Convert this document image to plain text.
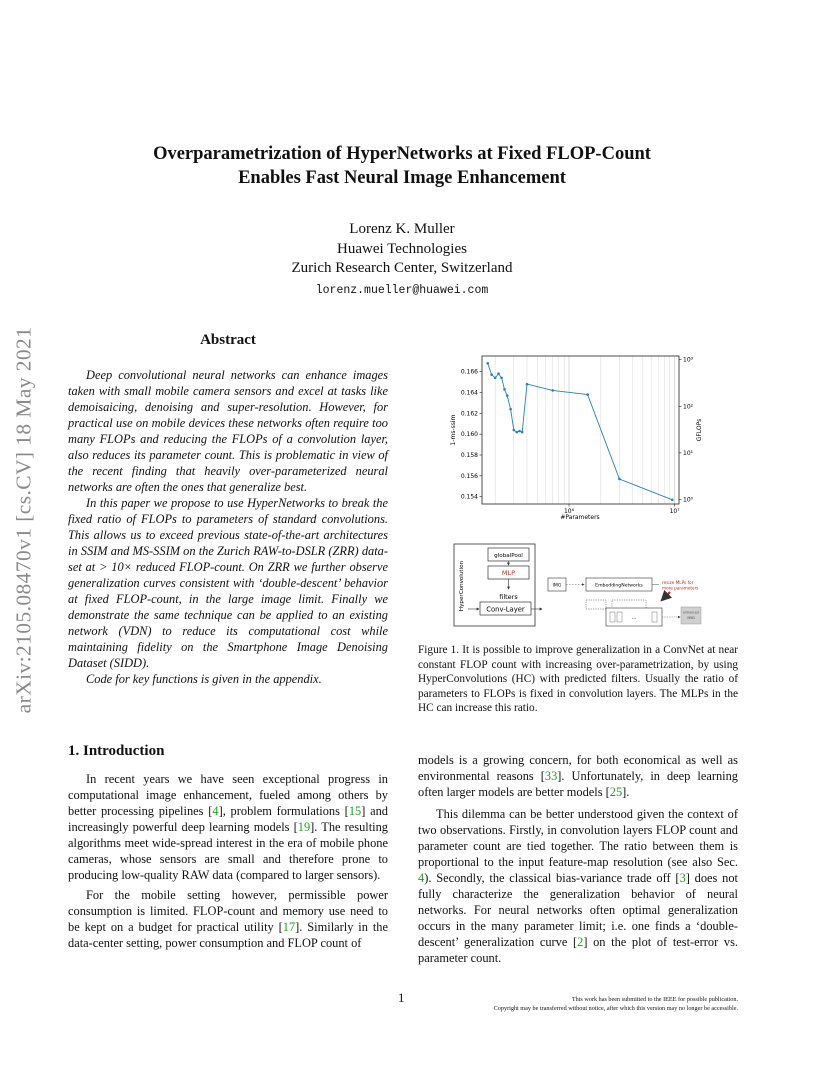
arXiv:2105.08470v1 [cs.CV] 18 May 2021
Overparametrization of HyperNetworks at Fixed FLOP-Count
Enables Fast Neural Image Enhancement
Lorenz K. Muller
Huawei Technologies
Zurich Research Center, Switzerland
lorenz.mueller@huawei.com
Abstract

Deep convolutional neural networks can enhance images taken with small mobile camera sensors and excel at tasks like demoisaicing, denoising and super-resolution. However, for practical use on mobile devices these networks often require too many FLOPs and reducing the FLOPs of a convolution layer, also reduces its parameter count. This is problematic in view of the recent finding that heavily over-parameterized neural networks are often the ones that generalize best.

In this paper we propose to use HyperNetworks to break the fixed ratio of FLOPs to parameters of standard convolutions. This allows us to exceed previous state-of-the-art architectures in SSIM and MS-SSIM on the Zurich RAW-to-DSLR (ZRR) data-set at > 10× reduced FLOP-count. On ZRR we further observe generalization curves consistent with ‘double-descent’ behavior at fixed FLOP-count, in the large image limit. Finally we demonstrate the same technique can be applied to an existing network (VDN) to reduce its computational cost while maintaining fidelity on the Smartphone Image Denoising Dataset (SIDD).

Code for key functions is given in the appendix.

1. Introduction

In recent years we have seen exceptional progress in computational image enhancement, fueled among others by better processing pipelines [4], problem formulations [15] and increasingly powerful deep learning models [19]. The resulting algorithms meet wide-spread interest in the era of mobile phone cameras, whose sensors are small and therefore prone to producing low-quality RAW data (compared to larger sensors).

For the mobile setting however, permissible power consumption is limited. FLOP-count and memory use need to be kept on a budget for practical utility [17]. Similarly in the data-center setting, power consumption and FLOP count of

models is a growing concern, for both economical as well as environmental reasons [33]. Unfortunately, in deep learning often larger models are better models [25].

This dilemma can be better understood given the context of two observations. Firstly, in convolution layers FLOP count and parameter count are tied together. The ratio between them is proportional to the input feature-map resolution (see also Sec. 4). Secondly, the classical bias-variance trade off [3] does not fully characterize the generalization behavior of neural networks. For neural networks often optimal generalization occurs in the many parameter limit; i.e. one finds a ‘double-descent’ generalization curve [2] on the plot of test-error vs. parameter count.

0.154
0.156
0.158
0.160
0.162
0.164
0.166
10⁰
10¹
10²
10³
10⁶	10⁷
#Parameters
1-ms-ssim	GFLOPs
HyperConvolution
globalPool
MLP
filters
Conv-Layer
IMG	EmbeddingNetworks
resize MLPs for
more parameters
...
enhanced
IMG
Figure 1. It is possible to improve generalization in a ConvNet at near constant FLOP count with increasing over-parametrization, by using HyperConvolutions (HC) with predicted filters. Usually the ratio of parameters to FLOPs is fixed in convolution layers. The MLPs in the HC can increase this ratio.
1	This work has been submitted to the IEEE for possible publication.
Copyright may be transferred without notice, after which this version may no longer be accessible.
